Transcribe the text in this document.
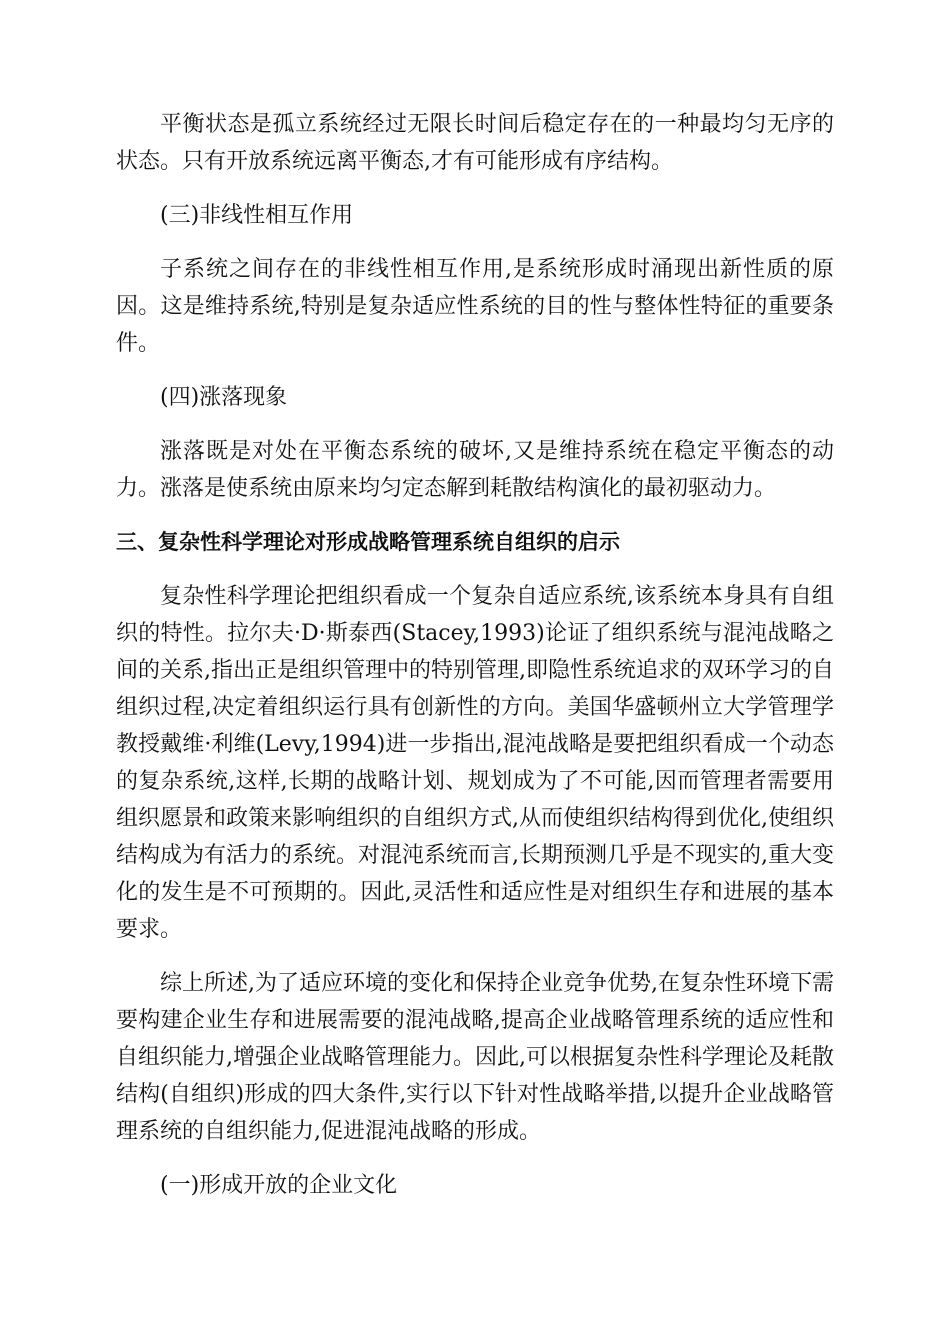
平衡状态是孤立系统经过无限长时间后稳定存在的一种最均匀无序的状态。只有开放系统远离平衡态,才有可能形成有序结构。

(三)非线性相互作用

子系统之间存在的非线性相互作用,是系统形成时涌现出新性质的原因。这是维持系统,特别是复杂适应性系统的目的性与整体性特征的重要条件。

(四)涨落现象

涨落既是对处在平衡态系统的破坏,又是维持系统在稳定平衡态的动力。涨落是使系统由原来均匀定态解到耗散结构演化的最初驱动力。

三、复杂性科学理论对形成战略管理系统自组织的启示

复杂性科学理论把组织看成一个复杂自适应系统,该系统本身具有自组织的特性。拉尔夫·D·斯泰西(Stacey,1993)论证了组织系统与混沌战略之间的关系,指出正是组织管理中的特别管理,即隐性系统追求的双环学习的自组织过程,决定着组织运行具有创新性的方向。美国华盛顿州立大学管理学教授戴维·利维(Levy,1994)进一步指出,混沌战略是要把组织看成一个动态的复杂系统,这样,长期的战略计划、规划成为了不可能,因而管理者需要用组织愿景和政策来影响组织的自组织方式,从而使组织结构得到优化,使组织结构成为有活力的系统。对混沌系统而言,长期预测几乎是不现实的,重大变化的发生是不可预期的。因此,灵活性和适应性是对组织生存和进展的基本要求。

综上所述,为了适应环境的变化和保持企业竞争优势,在复杂性环境下需要构建企业生存和进展需要的混沌战略,提高企业战略管理系统的适应性和自组织能力,增强企业战略管理能力。因此,可以根据复杂性科学理论及耗散结构(自组织)形成的四大条件,实行以下针对性战略举措,以提升企业战略管理系统的自组织能力,促进混沌战略的形成。

(一)形成开放的企业文化
